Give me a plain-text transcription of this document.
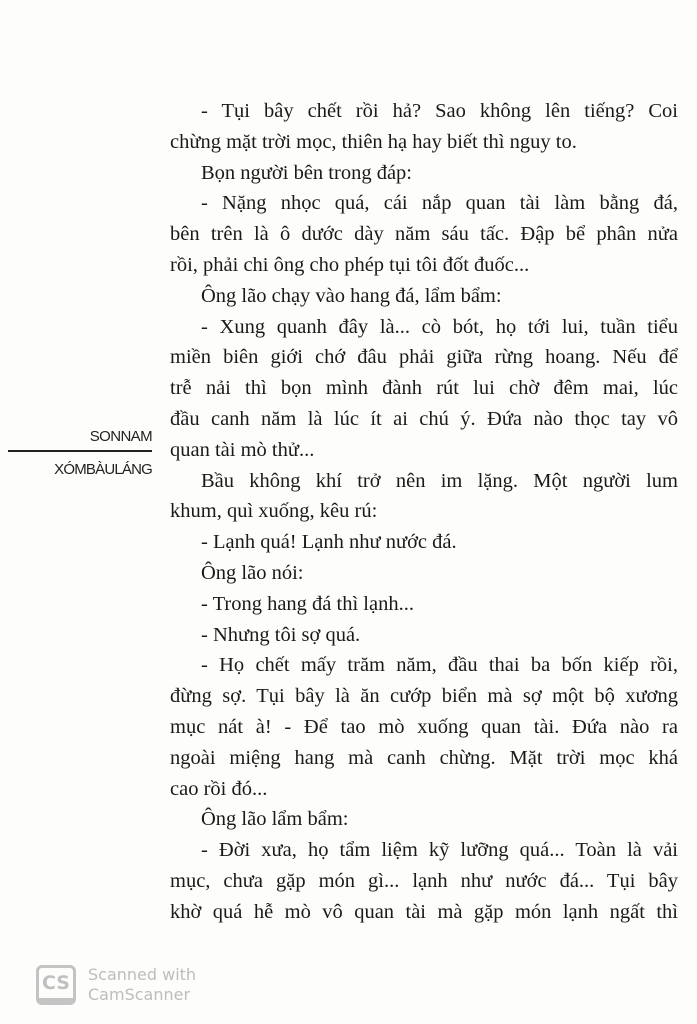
- Tụi bây chết rồi hả? Sao không lên tiếng? Coi
chừng mặt trời mọc, thiên hạ hay biết thì nguy to.
Bọn người bên trong đáp:
- Nặng nhọc quá, cái nắp quan tài làm bằng đá,
bên trên là ô dước dày năm sáu tấc. Đập bể phân nửa
rồi, phải chi ông cho phép tụi tôi đốt đuốc...
Ông lão chạy vào hang đá, lẩm bẩm:
- Xung quanh đây là... cò bót, họ tới lui, tuần tiểu
miền biên giới chớ đâu phải giữa rừng hoang. Nếu để
trễ nải thì bọn mình đành rút lui chờ đêm mai, lúc
đầu canh năm là lúc ít ai chú ý. Đứa nào thọc tay vô
quan tài mò thử...
Bầu không khí trở nên im lặng. Một người lum
khum, quì xuống, kêu rú:
- Lạnh quá! Lạnh như nước đá.
Ông lão nói:
- Trong hang đá thì lạnh...
- Nhưng tôi sợ quá.
- Họ chết mấy trăm năm, đầu thai ba bốn kiếp rồi,
đừng sợ. Tụi bây là ăn cướp biển mà sợ một bộ xương
mục nát à! - Để tao mò xuống quan tài. Đứa nào ra
ngoài miệng hang mà canh chừng. Mặt trời mọc khá
cao rồi đó...
Ông lão lẩm bẩm:
- Đời xưa, họ tẩm liệm kỹ lưỡng quá... Toàn là vải
mục, chưa gặp món gì... lạnh như nước đá... Tụi bây
khờ quá hễ mò vô quan tài mà gặp món lạnh ngất thì
SONNAM
XÓMBÀULÁNG
CS	Scanned with
CamScanner
